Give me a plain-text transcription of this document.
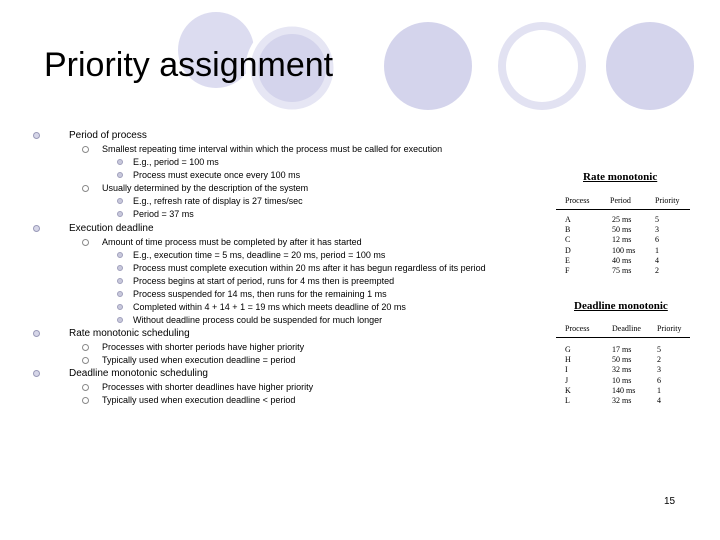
Priority assignment
Period of process
Smallest repeating time interval within which the process must be called for execution
E.g., period = 100 ms
Process must execute once every 100 ms
Usually determined by the description of the system
E.g., refresh rate of display is 27 times/sec
Period = 37 ms
Execution deadline
Amount of time process must be completed by after it has started
E.g., execution time = 5 ms, deadline = 20 ms, period = 100 ms
Process must complete execution within 20 ms after it has begun regardless of its period
Process begins at start of period, runs for 4 ms then is preempted
Process suspended for 14 ms, then runs for the remaining 1 ms
Completed within 4 + 14 + 1 = 19 ms which meets deadline of 20 ms
Without deadline process could be suspended for much longer
Rate monotonic scheduling
Processes with shorter periods have higher priority
Typically used when execution deadline = period
Deadline monotonic scheduling
Processes with shorter deadlines have higher priority
Typically used when execution deadline < period
Rate monotonic
Process	Period	Priority
A	25 ms	5
B	50 ms	3
C	12 ms	6
D	100 ms 1
E	40 ms	4
F	75 ms	2
Deadline monotonic
Process	Deadline Priority
G	17 ms	5
H	50 ms	2
I	32 ms	3
J	10 ms	6
K	140 ms	1
L	32 ms	4
15
